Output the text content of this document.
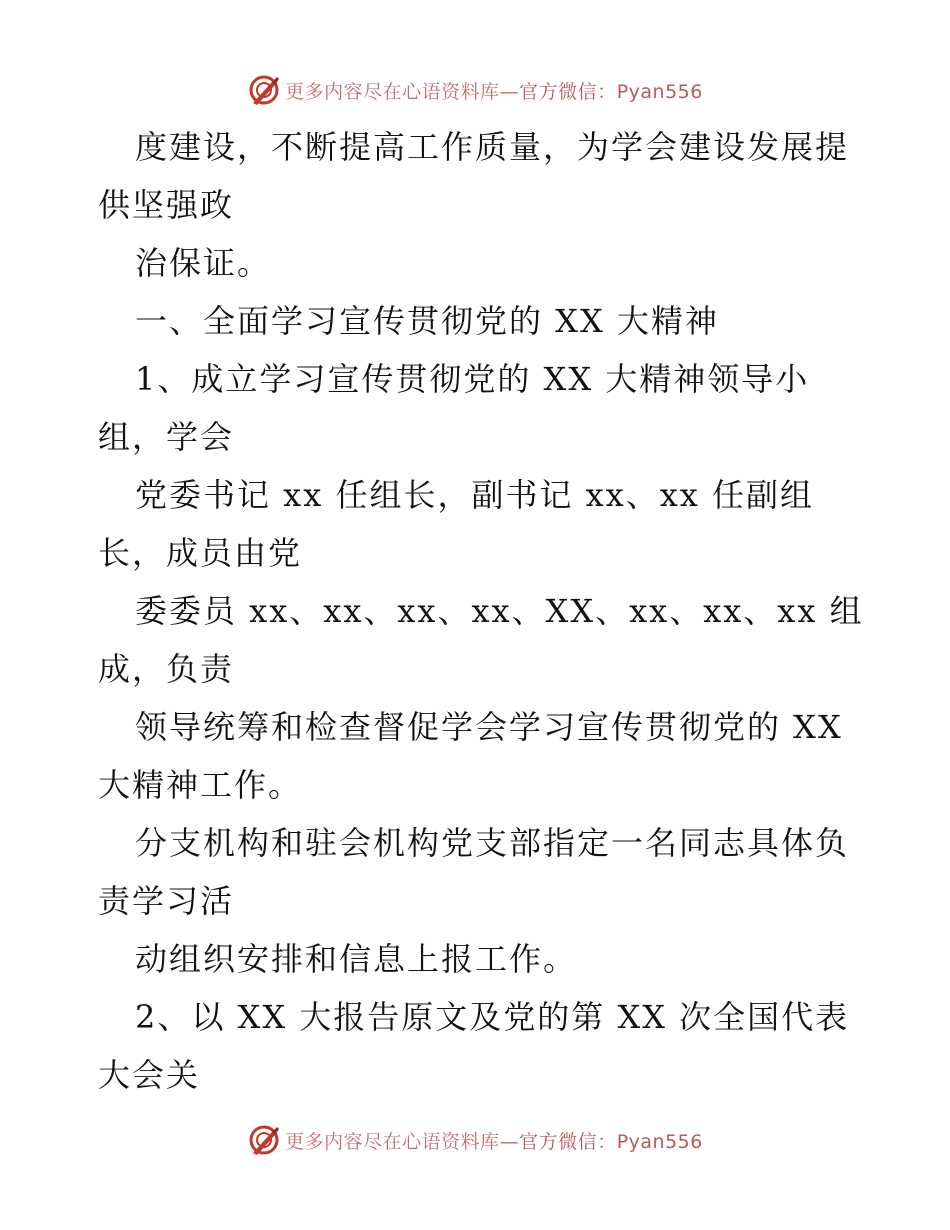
更多内容尽在心语资料库—官方微信：Pyan556
度建设，不断提高工作质量，为学会建设发展提
供坚强政
治保证。
一、全面学习宣传贯彻党的 XX 大精神
1、成立学习宣传贯彻党的 XX 大精神领导小
组，学会
党委书记 xx 任组长，副书记 xx、xx 任副组
长，成员由党
委委员 xx、xx、xx、xx、XX、xx、xx、xx 组
成，负责
领导统筹和检查督促学会学习宣传贯彻党的 XX
大精神工作。
分支机构和驻会机构党支部指定一名同志具体负
责学习活
动组织安排和信息上报工作。
2、以 XX 大报告原文及党的第 XX 次全国代表
大会关
更多内容尽在心语资料库—官方微信：Pyan556
